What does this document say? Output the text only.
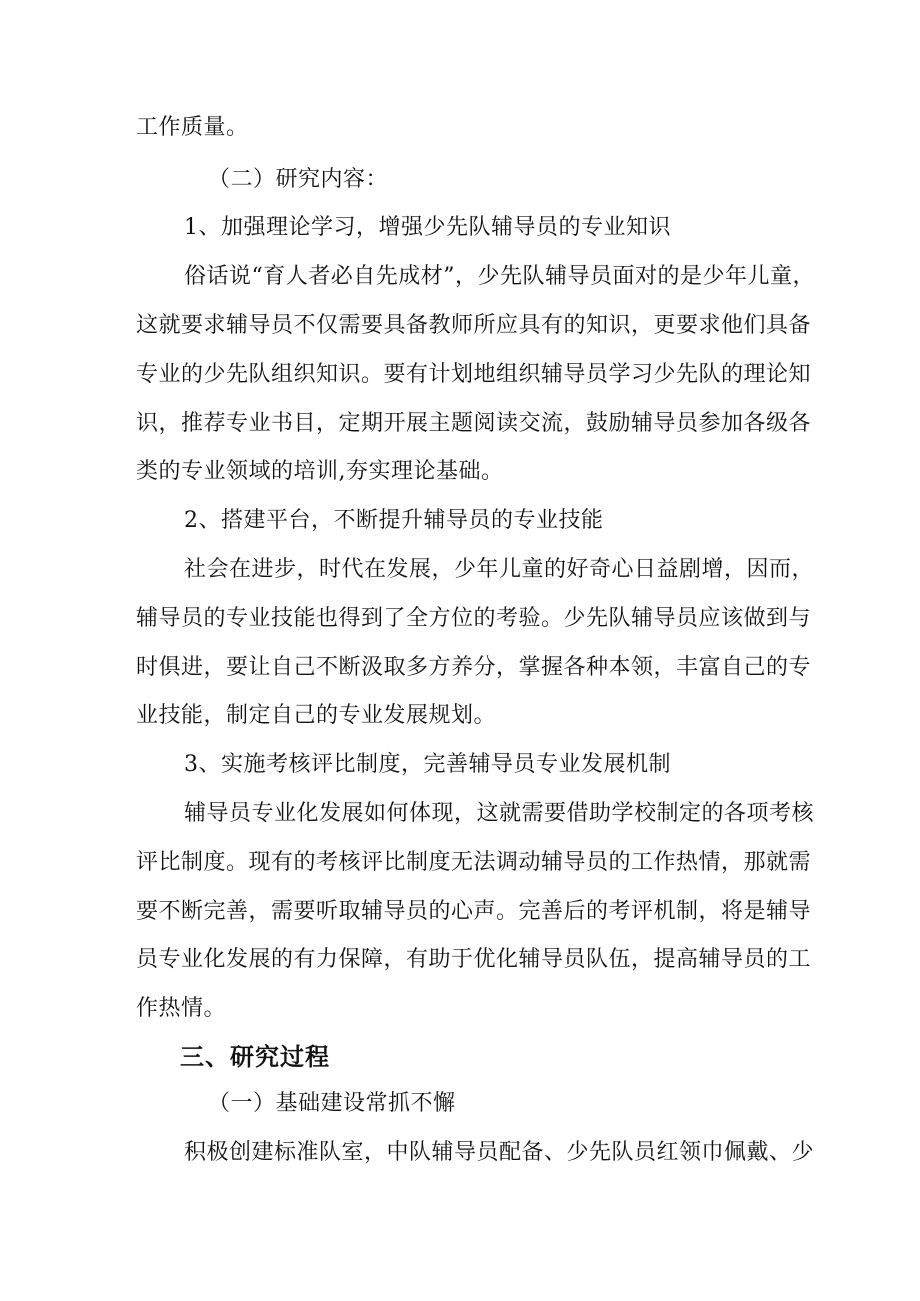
工作质量。

（二）研究内容：

1、加强理论学习，增强少先队辅导员的专业知识

俗话说“育人者必自先成材”，少先队辅导员面对的是少年儿童，

这就要求辅导员不仅需要具备教师所应具有的知识，更要求他们具备

专业的少先队组织知识。要有计划地组织辅导员学习少先队的理论知

识，推荐专业书目，定期开展主题阅读交流，鼓励辅导员参加各级各

类的专业领域的培训,夯实理论基础。

2、搭建平台，不断提升辅导员的专业技能

社会在进步，时代在发展，少年儿童的好奇心日益剧增，因而，

辅导员的专业技能也得到了全方位的考验。少先队辅导员应该做到与

时俱进，要让自己不断汲取多方养分，掌握各种本领，丰富自己的专

业技能，制定自己的专业发展规划。

3、实施考核评比制度，完善辅导员专业发展机制

辅导员专业化发展如何体现，这就需要借助学校制定的各项考核

评比制度。现有的考核评比制度无法调动辅导员的工作热情，那就需

要不断完善，需要听取辅导员的心声。完善后的考评机制，将是辅导

员专业化发展的有力保障，有助于优化辅导员队伍，提高辅导员的工

作热情。

三、研究过程

（一）基础建设常抓不懈

积极创建标准队室，中队辅导员配备、少先队员红领巾佩戴、少
